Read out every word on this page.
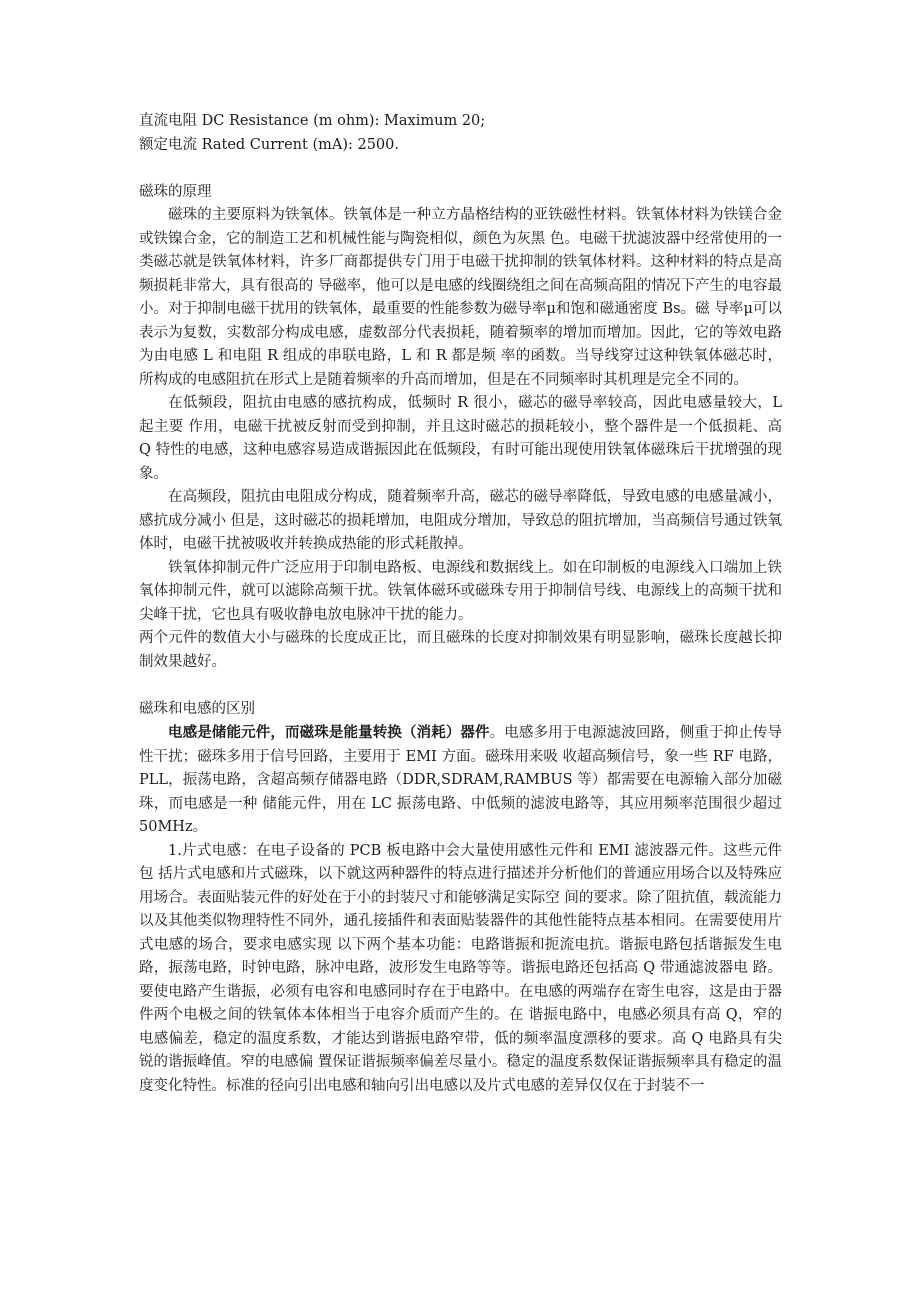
直流电阻 DC Resistance (m ohm): Maximum 20;

额定电流 Rated Current (mA): 2500.

磁珠的原理

磁珠的主要原料为铁氧体。铁氧体是一种立方晶格结构的亚铁磁性材料。铁氧体材料为铁镁合金或铁镍合金，它的制造工艺和机械性能与陶瓷相似，颜色为灰黑 色。电磁干扰滤波器中经常使用的一类磁芯就是铁氧体材料，许多厂商都提供专门用于电磁干扰抑制的铁氧体材料。这种材料的特点是高频损耗非常大，具有很高的 导磁率，他可以是电感的线圈绕组之间在高频高阻的情况下产生的电容最小。对于抑制电磁干扰用的铁氧体，最重要的性能参数为磁导率μ和饱和磁通密度 Bs。磁 导率μ可以表示为复数，实数部分构成电感，虚数部分代表损耗，随着频率的增加而增加。因此，它的等效电路为由电感 L 和电阻 R 组成的串联电路，L 和 R 都是频 率的函数。当导线穿过这种铁氧体磁芯时，所构成的电感阻抗在形式上是随着频率的升高而增加，但是在不同频率时其机理是完全不同的。

在低频段，阻抗由电感的感抗构成，低频时 R 很小，磁芯的磁导率较高，因此电感量较大，L 起主要 作用，电磁干扰被反射而受到抑制，并且这时磁芯的损耗较小，整个器件是一个低损耗、高 Q 特性的电感，这种电感容易造成谐振因此在低频段，有时可能出现使用铁氧体磁珠后干扰增强的现象。

在高频段，阻抗由电阻成分构成，随着频率升高，磁芯的磁导率降低，导致电感的电感量减小，感抗成分减小 但是，这时磁芯的损耗增加，电阻成分增加，导致总的阻抗增加，当高频信号通过铁氧体时，电磁干扰被吸收并转换成热能的形式耗散掉。

铁氧体抑制元件广泛应用于印制电路板、电源线和数据线上。如在印制板的电源线入口端加上铁氧体抑制元件，就可以滤除高频干扰。铁氧体磁环或磁珠专用于抑制信号线、电源线上的高频干扰和尖峰干扰，它也具有吸收静电放电脉冲干扰的能力。

两个元件的数值大小与磁珠的长度成正比，而且磁珠的长度对抑制效果有明显影响，磁珠长度越长抑制效果越好。

磁珠和电感的区别

电感是储能元件，而磁珠是能量转换（消耗）器件。电感多用于电源滤波回路，侧重于抑止传导性干扰；磁珠多用于信号回路，主要用于 EMI 方面。磁珠用来吸 收超高频信号，象一些 RF 电路，PLL，振荡电路，含超高频存储器电路（DDR,SDRAM,RAMBUS 等）都需要在电源输入部分加磁珠，而电感是一种 储能元件，用在 LC 振荡电路、中低频的滤波电路等，其应用频率范围很少超过 50MHz。

1.片式电感：在电子设备的 PCB 板电路中会大量使用感性元件和 EMI 滤波器元件。这些元件包 括片式电感和片式磁珠，以下就这两种器件的特点进行描述并分析他们的普通应用场合以及特殊应用场合。表面贴装元件的好处在于小的封装尺寸和能够满足实际空 间的要求。除了阻抗值，载流能力以及其他类似物理特性不同外，通孔接插件和表面贴装器件的其他性能特点基本相同。在需要使用片式电感的场合，要求电感实现 以下两个基本功能：电路谐振和扼流电抗。谐振电路包括谐振发生电路，振荡电路，时钟电路，脉冲电路，波形发生电路等等。谐振电路还包括高 Q 带通滤波器电 路。要使电路产生谐振，必须有电容和电感同时存在于电路中。在电感的两端存在寄生电容，这是由于器件两个电极之间的铁氧体本体相当于电容介质而产生的。在 谐振电路中，电感必须具有高 Q，窄的电感偏差，稳定的温度系数，才能达到谐振电路窄带，低的频率温度漂移的要求。高 Q 电路具有尖锐的谐振峰值。窄的电感偏 置保证谐振频率偏差尽量小。稳定的温度系数保证谐振频率具有稳定的温度变化特性。标准的径向引出电感和轴向引出电感以及片式电感的差异仅仅在于封装不一
